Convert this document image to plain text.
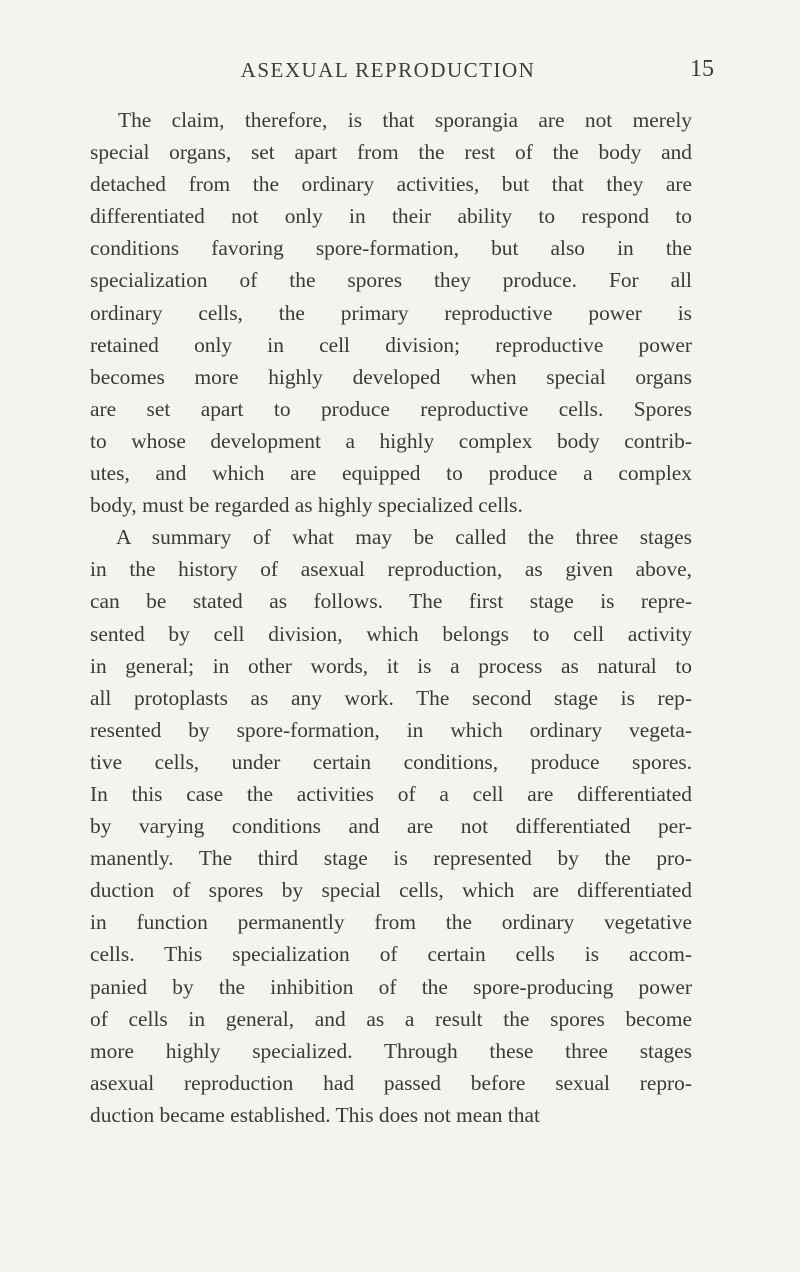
ASEXUAL REPRODUCTION	15
The claim, therefore, is that sporangia are not merely
special organs, set apart from the rest of the body and
detached from the ordinary activities, but that they are
differentiated not only in their ability to respond to
conditions favoring spore-formation, but also in the
specialization of the spores they produce. For all
ordinary cells, the primary reproductive power is
retained only in cell division; reproductive power
becomes more highly developed when special organs
are set apart to produce reproductive cells. Spores
to whose development a highly complex body contrib-
utes, and which are equipped to produce a complex
body, must be regarded as highly specialized cells.
A summary of what may be called the three stages
in the history of asexual reproduction, as given above,
can be stated as follows. The first stage is repre-
sented by cell division, which belongs to cell activity
in general; in other words, it is a process as natural to
all protoplasts as any work. The second stage is rep-
resented by spore-formation, in which ordinary vegeta-
tive cells, under certain conditions, produce spores.
In this case the activities of a cell are differentiated
by varying conditions and are not differentiated per-
manently. The third stage is represented by the pro-
duction of spores by special cells, which are differentiated
in function permanently from the ordinary vegetative
cells. This specialization of certain cells is accom-
panied by the inhibition of the spore-producing power
of cells in general, and as a result the spores become
more highly specialized. Through these three stages
asexual reproduction had passed before sexual repro-
duction became established. This does not mean that
